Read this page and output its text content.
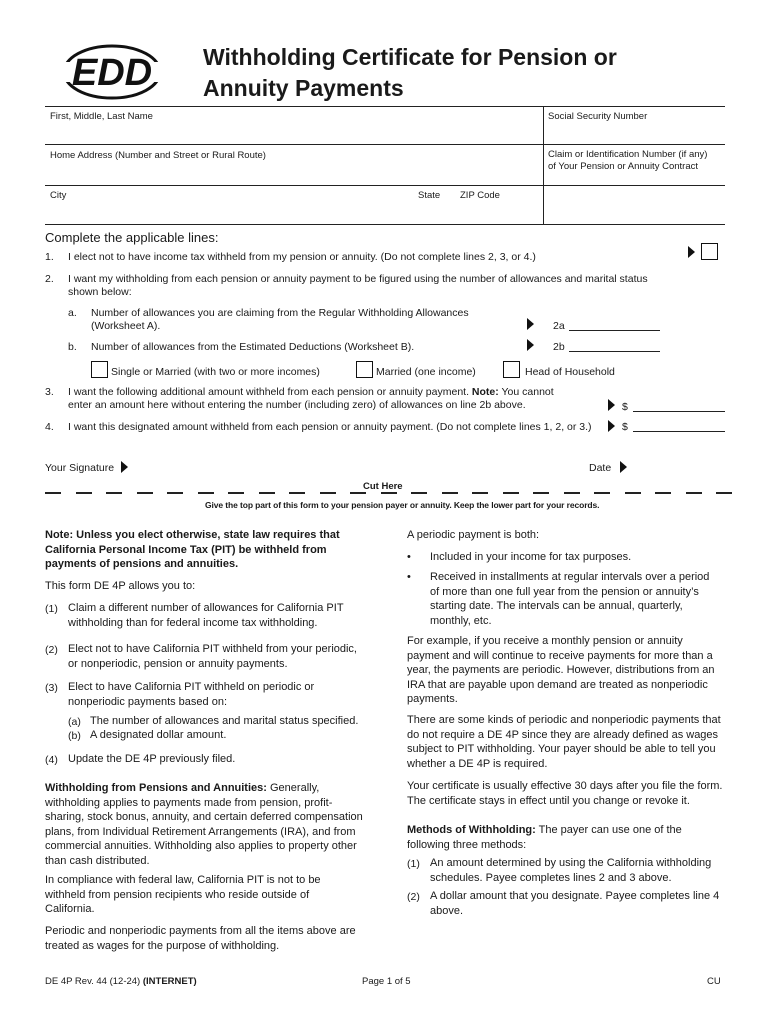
EDD Withholding Certificate for Pension or
Annuity Payments
First, Middle, Last Name	Social Security Number
Home Address (Number and Street or Rural Route)	Claim or Identification Number (if any)
of Your Pension or Annuity Contract
City	State ZIP Code
Complete the applicable lines:
1. I elect not to have income tax withheld from my pension or annuity. (Do not complete lines 2, 3, or 4.)
2. I want my withholding from each pension or annuity payment to be figured using the number of allowances and marital status
shown below:
a. Number of allowances you are claiming from the Regular Withholding Allowances
(Worksheet A).	2a
b. Number of allowances from the Estimated Deductions (Worksheet B).	2b
Single or Married (with two or more incomes)	Married (one income)	Head of Household
3. I want the following additional amount withheld from each pension or annuity payment. Note: You cannot
enter an amount here without entering the number (including zero) of allowances on line 2b above.	$
4. I want this designated amount withheld from each pension or annuity payment. (Do not complete lines 1, 2, or 3.)	$
Your Signature	Date
Cut Here
Give the top part of this form to your pension payer or annuity. Keep the lower part for your records.

Note: Unless you elect otherwise, state law requires that California Personal Income Tax (PIT) be withheld from payments of pensions and annuities.

This form DE 4P allows you to:
(1) Claim a different number of allowances for California PIT withholding than for federal income tax withholding.
(2) Elect not to have California PIT withheld from your periodic, or nonperiodic, pension or annuity payments.
(3) Elect to have California PIT withheld on periodic or nonperiodic payments based on:
(a) The number of allowances and marital status specified.
(b) A designated dollar amount.
(4) Update the DE 4P previously filed.
Withholding from Pensions and Annuities: Generally, withholding applies to payments made from pension, profit-sharing, stock bonus, annuity, and certain deferred compensation plans, from Individual Retirement Arrangements (IRA), and from commercial annuities. Withholding also applies to property other than cash distributed.
In compliance with federal law, California PIT is not to be withheld from pension recipients who reside outside of California.
Periodic and nonperiodic payments from all the items above are treated as wages for the purpose of withholding.
A periodic payment is both:
• Included in your income for tax purposes.
• Received in installments at regular intervals over a period of more than one full year from the pension or annuity’s starting date. The intervals can be annual, quarterly, monthly, etc.
For example, if you receive a monthly pension or annuity payment and will continue to receive payments for more than a year, the payments are periodic. However, distributions from an IRA that are payable upon demand are treated as nonperiodic payments.
There are some kinds of periodic and nonperiodic payments that do not require a DE 4P since they are already defined as wages subject to PIT withholding. Your payer should be able to tell you whether a DE 4P is required.
Your certificate is usually effective 30 days after you file the form. The certificate stays in effect until you change or revoke it.
Methods of Withholding: The payer can use one of the following three methods:
(1) An amount determined by using the California withholding schedules. Payee completes lines 2 and 3 above.
(2) A dollar amount that you designate. Payee completes line 4 above.
DE 4P Rev. 44 (12-24) (INTERNET)	Page 1 of 5	CU
